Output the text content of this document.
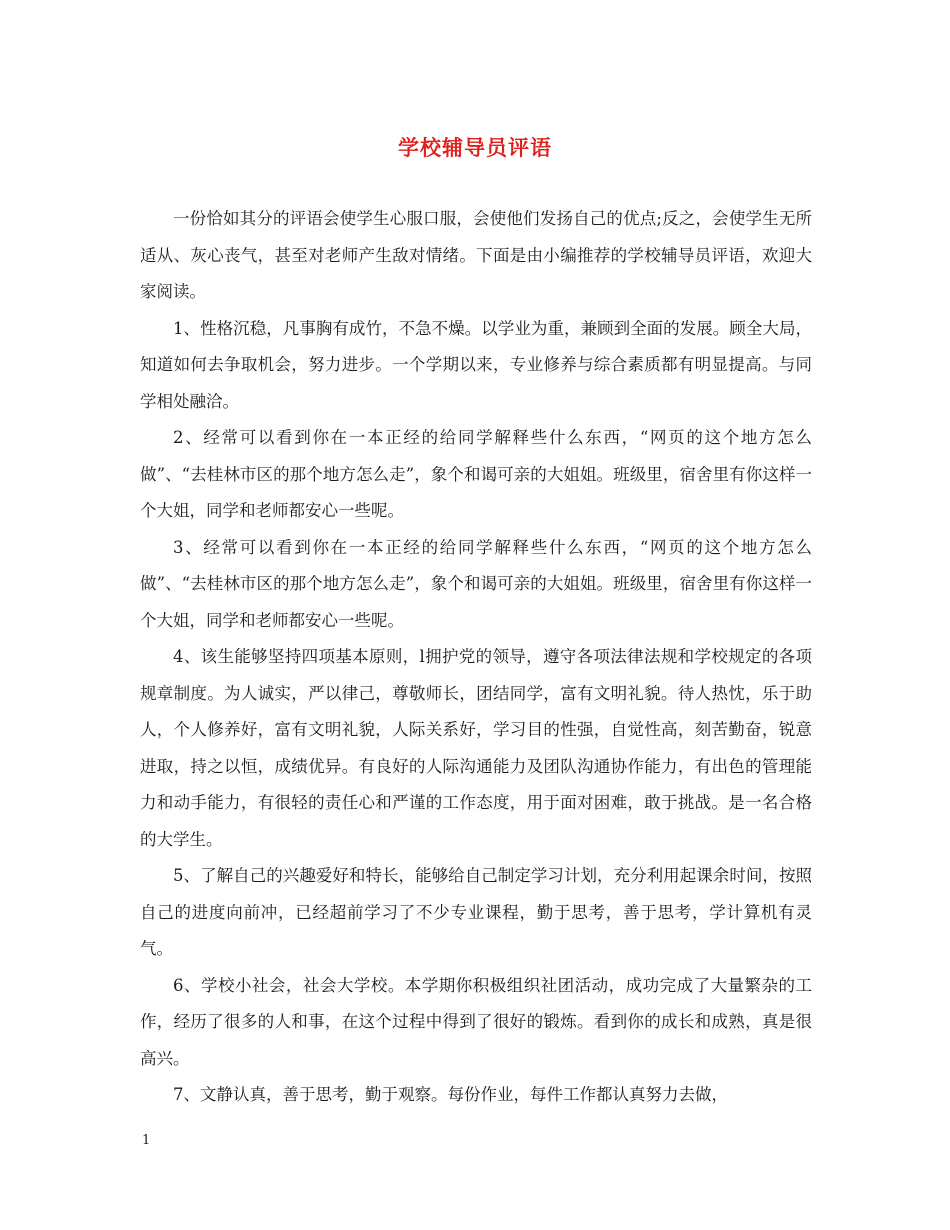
学校辅导员评语

一份恰如其分的评语会使学生心服口服，会使他们发扬自己的优点;反之，会使学生无所适从、灰心丧气，甚至对老师产生敌对情绪。下面是由小编推荐的学校辅导员评语，欢迎大家阅读。

1、性格沉稳，凡事胸有成竹，不急不燥。以学业为重，兼顾到全面的发展。顾全大局，知道如何去争取机会，努力进步。一个学期以来，专业修养与综合素质都有明显提高。与同学相处融洽。

2、经常可以看到你在一本正经的给同学解释些什么东西，“网页的这个地方怎么做”、“去桂林市区的那个地方怎么走”，象个和谒可亲的大姐姐。班级里，宿舍里有你这样一个大姐，同学和老师都安心一些呢。

3、经常可以看到你在一本正经的给同学解释些什么东西，“网页的这个地方怎么做”、“去桂林市区的那个地方怎么走”，象个和谒可亲的大姐姐。班级里，宿舍里有你这样一个大姐，同学和老师都安心一些呢。

4、该生能够坚持四项基本原则，l拥护党的领导，遵守各项法律法规和学校规定的各项规章制度。为人诚实，严以律己，尊敬师长，团结同学，富有文明礼貌。待人热忱，乐于助人，个人修养好，富有文明礼貌，人际关系好，学习目的性强，自觉性高，刻苦勤奋，锐意进取，持之以恒，成绩优异。有良好的人际沟通能力及团队沟通协作能力，有出色的管理能力和动手能力，有很轻的责任心和严谨的工作态度，用于面对困难，敢于挑战。是一名合格的大学生。

5、了解自己的兴趣爱好和特长，能够给自己制定学习计划，充分利用起课余时间，按照自己的进度向前冲，已经超前学习了不少专业课程，勤于思考，善于思考，学计算机有灵气。

6、学校小社会，社会大学校。本学期你积极组织社团活动，成功完成了大量繁杂的工作，经历了很多的人和事，在这个过程中得到了很好的锻炼。看到你的成长和成熟，真是很高兴。

7、文静认真，善于思考，勤于观察。每份作业，每件工作都认真努力去做，

1
